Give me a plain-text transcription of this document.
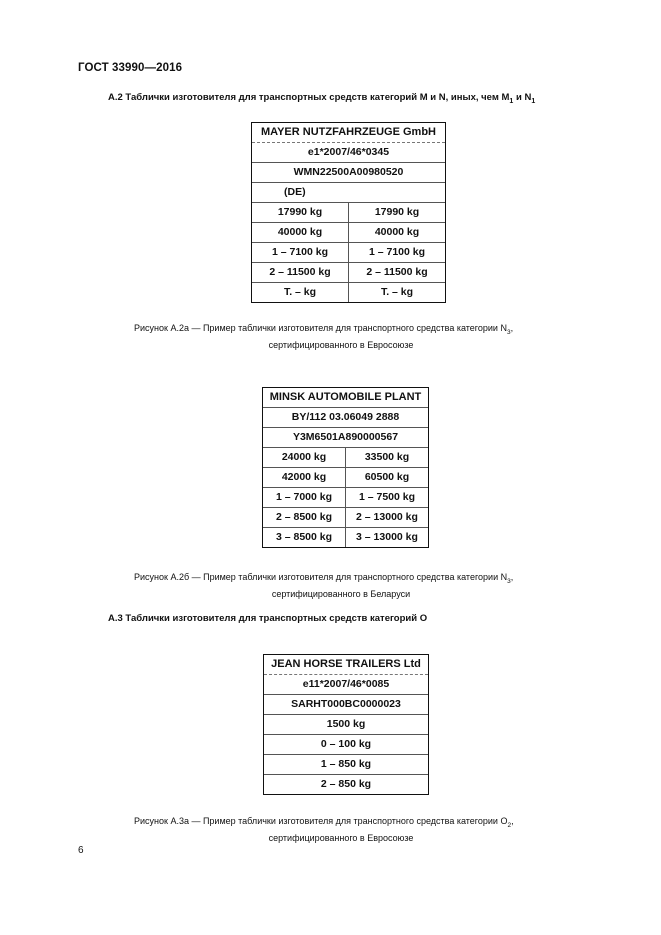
ГОСТ 33990—2016
А.2 Таблички изготовителя для транспортных средств категорий М и N, иных, чем $М_1$ и $N_1$
MAYER NUTZFAHRZEUGE GmbH
e1*2007/46*0345
WMN22500A00980520
(DE)
17990 kg	17990 kg
40000 kg	40000 kg
1 – 7100 kg	1 – 7100 kg
2 – 11500 kg	2 – 11500 kg
T. – kg	T. – kg
Рисунок А.2а — Пример таблички изготовителя для транспортного средства категории $N_3$,
сертифицированного в Евросоюзе
MINSK AUTOMOBILE PLANT
BY/112 03.06049 2888
Y3M6501A890000567
24000 kg	33500 kg
42000 kg	60500 kg
1 – 7000 kg	1 – 7500 kg
2 – 8500 kg	2 – 13000 kg
3 – 8500 kg	3 – 13000 kg
Рисунок А.2б — Пример таблички изготовителя для транспортного средства категории $N_3$,
сертифицированного в Беларуси
А.3 Таблички изготовителя для транспортных средств категорий О
JEAN HORSE TRAILERS Ltd
e11*2007/46*0085
SARHT000BC0000023
1500 kg
0 – 100 kg
1 – 850 kg
2 – 850 kg
Рисунок А.3а — Пример таблички изготовителя для транспортного средства категории $О_2$,
сертифицированного в Евросоюзе
6
